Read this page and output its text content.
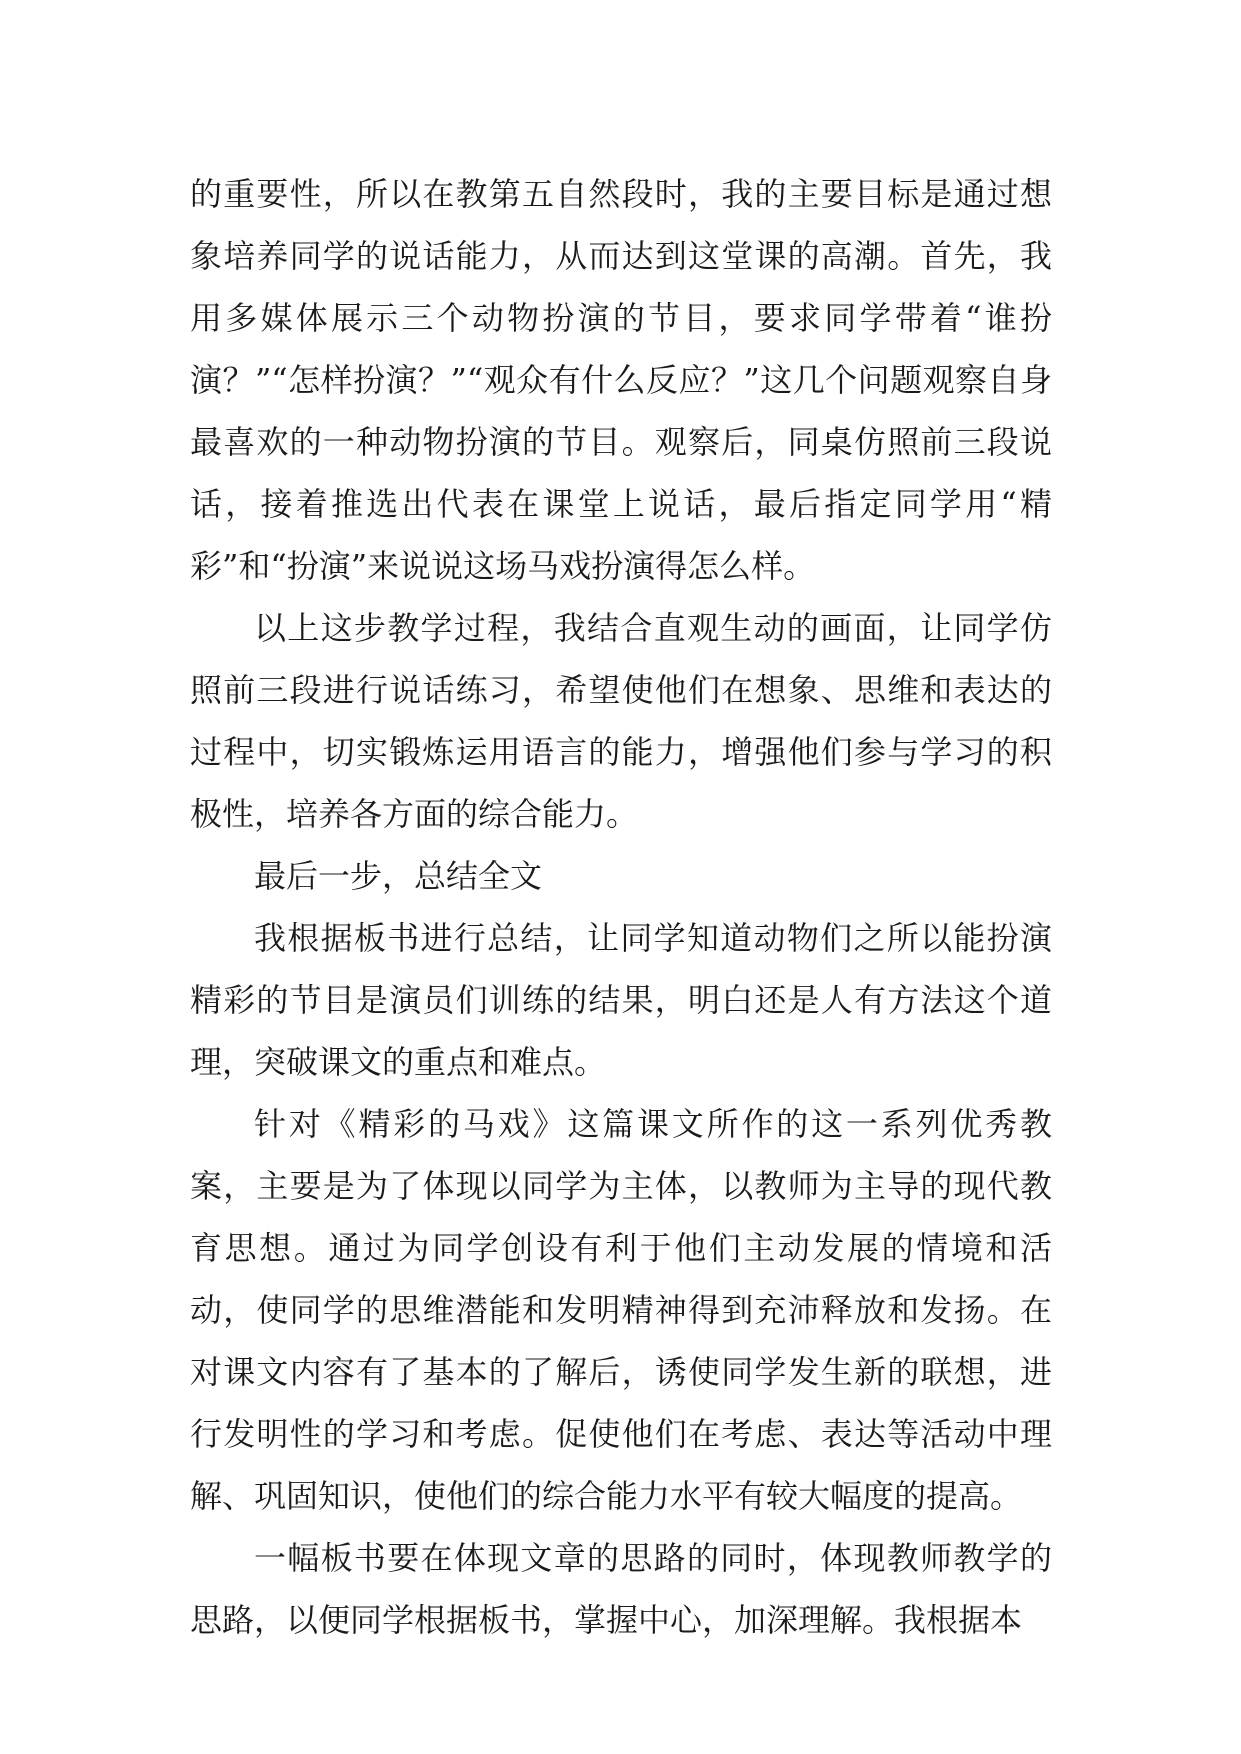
的重要性，所以在教第五自然段时，我的主要目标是通过想象培养同学的说话能力，从而达到这堂课的高潮。首先，我用多媒体展示三个动物扮演的节目，要求同学带着“谁扮演？”“怎样扮演？”“观众有什么反应？”这几个问题观察自身最喜欢的一种动物扮演的节目。观察后，同桌仿照前三段说话，接着推选出代表在课堂上说话，最后指定同学用“精彩”和“扮演”来说说这场马戏扮演得怎么样。

以上这步教学过程，我结合直观生动的画面，让同学仿照前三段进行说话练习，希望使他们在想象、思维和表达的过程中，切实锻炼运用语言的能力，增强他们参与学习的积极性，培养各方面的综合能力。

最后一步，总结全文

我根据板书进行总结，让同学知道动物们之所以能扮演精彩的节目是演员们训练的结果，明白还是人有方法这个道理，突破课文的重点和难点。

针对《精彩的马戏》这篇课文所作的这一系列优秀教案，主要是为了体现以同学为主体，以教师为主导的现代教育思想。通过为同学创设有利于他们主动发展的情境和活动，使同学的思维潜能和发明精神得到充沛释放和发扬。在对课文内容有了基本的了解后，诱使同学发生新的联想，进行发明性的学习和考虑。促使他们在考虑、表达等活动中理解、巩固知识，使他们的综合能力水平有较大幅度的提高。

一幅板书要在体现文章的思路的同时，体现教师教学的思路，以便同学根据板书，掌握中心，加深理解。我根据本
